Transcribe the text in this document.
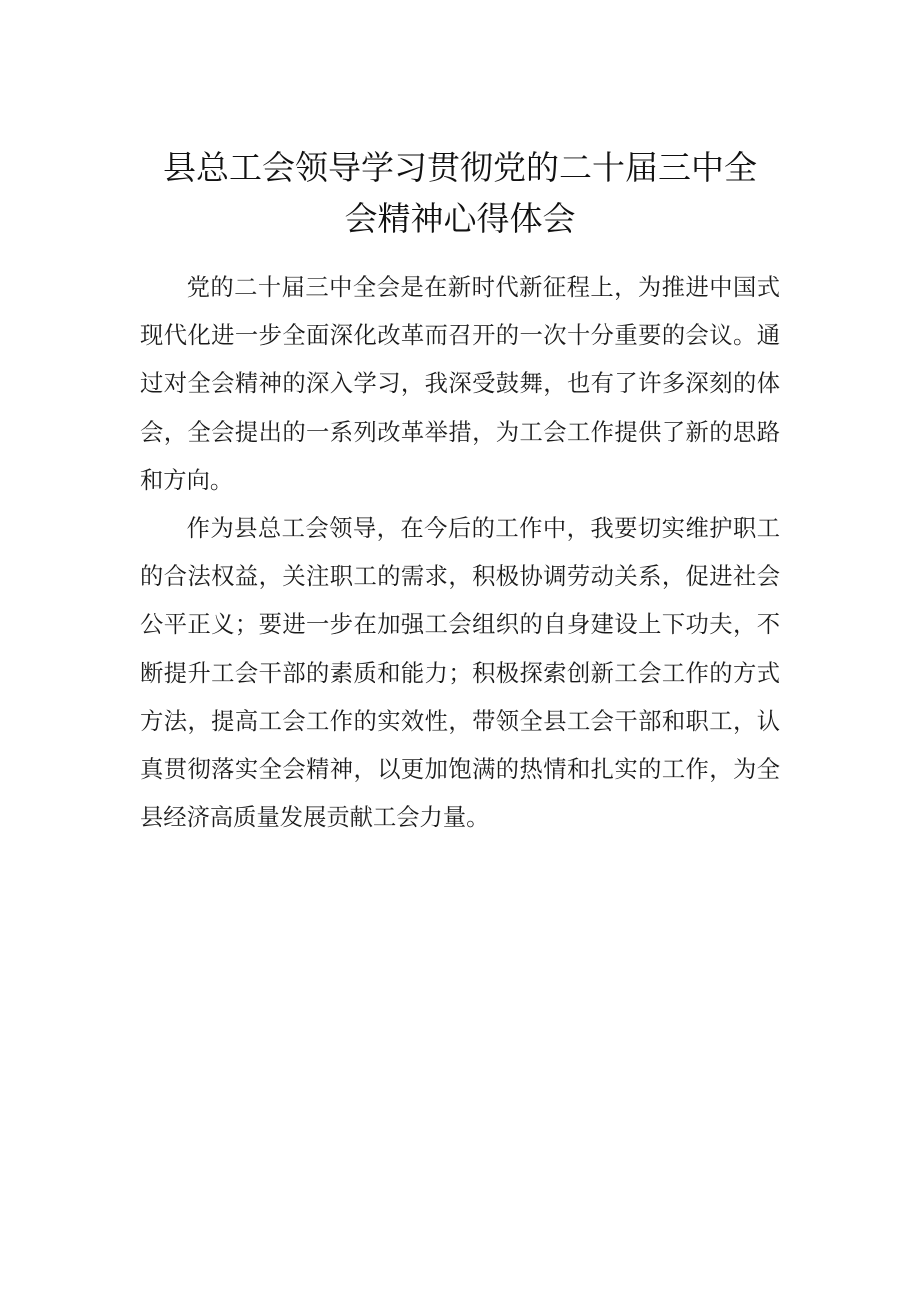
县总工会领导学习贯彻党的二十届三中全
会精神心得体会

党的二十届三中全会是在新时代新征程上，为推进中国式现代化进一步全面深化改革而召开的一次十分重要的会议。通过对全会精神的深入学习，我深受鼓舞，也有了许多深刻的体会，全会提出的一系列改革举措，为工会工作提供了新的思路和方向。

作为县总工会领导，在今后的工作中，我要切实维护职工的合法权益，关注职工的需求，积极协调劳动关系，促进社会公平正义；要进一步在加强工会组织的自身建设上下功夫，不断提升工会干部的素质和能力；积极探索创新工会工作的方式方法，提高工会工作的实效性，带领全县工会干部和职工，认真贯彻落实全会精神，以更加饱满的热情和扎实的工作，为全县经济高质量发展贡献工会力量。
